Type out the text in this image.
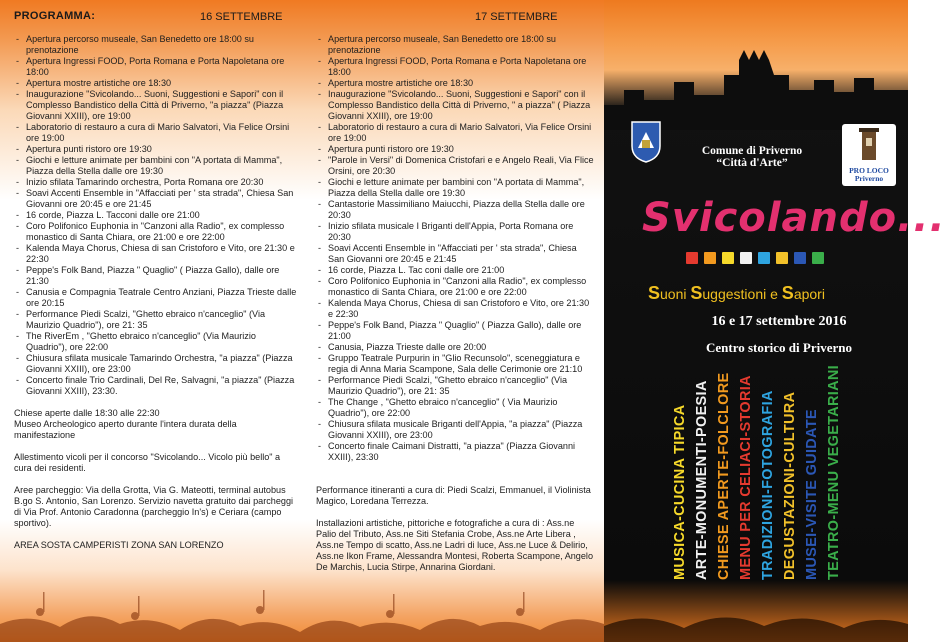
PROGRAMMA:	16 SETTEMBRE	17 SETTEMBRE
- Apertura percorso museale, San Benedetto ore 18:00 su prenotazione
- Apertura Ingressi FOOD, Porta Romana e Porta Napoletana ore 18:00
- Apertura mostre artistiche ore 18:30
- Inaugurazione "Svicolando... Suoni, Suggestioni e Sapori" con il Complesso Bandistico della Città di Priverno, "a piazza" (Piazza Giovanni XXIII), ore 19:00
- Laboratorio di restauro a cura di Mario Salvatori, Via Felice Orsini ore 19:00
- Apertura punti ristoro ore 19:30
- Giochi e letture animate per bambini con "A portata di Mamma", Piazza della Stella dalle ore 19:30
- Inizio sfilata Tamarindo orchestra, Porta Romana ore 20:30
- Soavi Accenti Ensemble in "Affacciati per ' sta strada", Chiesa San Giovanni ore 20:45 e ore 21:45
- 16 corde, Piazza L. Tacconi dalle ore 21:00
- Coro Polifonico Euphonia in "Canzoni alla Radio", ex complesso monastico di Santa Chiara, ore 21:00 e ore 22:00
- Kalenda Maya Chorus, Chiesa di san Cristoforo e Vito, ore 21:30 e 22:30
- Peppe's Folk Band, Piazza " Quaglio" ( Piazza Gallo), dalle ore 21:30
- Canusia e Compagnia Teatrale Centro Anziani, Piazza Trieste dalle ore 20:15
- Performance Piedi Scalzi, "Ghetto ebraico n'canceglio" (Via Maurizio Quadrio"), ore 21: 35
- The RiverEm , "Ghetto ebraico n'canceglio" (Via Maurizio Quadrio"), ore 22:00
- Chiusura sfilata musicale Tamarindo Orchestra, "a piazza" (Piazza Giovanni XXIII), ore 23:00
- Concerto finale Trio Cardinali, Del Re, Salvagni, "a piazza" (Piazza Giovanni XXIII), 23:30.

Chiese aperte dalle 18:30 alle 22:30

Museo Archeologico aperto durante l'intera durata della manifestazione

Allestimento vicoli per il concorso "Svicolando... Vicolo più bello" a cura dei residenti.

Aree parcheggio: Via della Grotta, Via G. Mateotti, terminal autobus B.go S. Antonio, San Lorenzo. Servizio navetta gratuito dai parcheggi di Via Prof. Antonio Caradonna (parcheggio In's) e Ceriara (campo sportivo).

AREA SOSTA CAMPERISTI ZONA SAN LORENZO

- Apertura percorso museale, San Benedetto ore 18:00 su prenotazione
- Apertura Ingressi FOOD, Porta Romana e Porta Napoletana ore 18:00
- Apertura mostre artistiche ore 18:30
- Inaugurazione "Svicolando... Suoni, Suggestioni e Sapori" con il Complesso Bandistico della Città di Priverno, " a piazza" ( Piazza Giovanni XXIII), ore 19:00
- Laboratorio di restauro a cura di Mario Salvatori, Via Felice Orsini ore 19:00
- Apertura punti ristoro ore 19:30
- "Parole in Versi" di Domenica Cristofari e e Angelo Reali, Via Flice Orsini, ore 20:30
- Giochi e letture animate per bambini con "A portata di Mamma", Piazza della Stella dalle ore 19:30
- Cantastorie Massimiliano Maiucchi, Piazza della Stella dalle ore 20:30
- Inizio sfilata musicale I Briganti dell'Appia, Porta Romana ore 20:30
- Soavi Accenti Ensemble in "Affacciati per ' sta strada", Chiesa San Giovanni ore 20:45 e 21:45
- 16 corde, Piazza L. Tac coni dalle ore 21:00
- Coro Polifonico Euphonia in "Canzoni alla Radio", ex complesso monastico di Santa Chiara, ore 21:00 e ore 22:00
- Kalenda Maya Chorus, Chiesa di san Cristoforo e Vito, ore 21:30 e 22:30
- Peppe's Folk Band, Piazza " Quaglio" ( Piazza Gallo), dalle ore 21:00
- Canusia, Piazza Trieste dalle ore 20:00
- Gruppo Teatrale Purpurin in "Glio Recunsolo", sceneggiatura e regia di Anna Maria Scampone, Sala delle Cerimonie ore 21:10
- Performance Piedi Scalzi, "Ghetto ebraico n'canceglio" (Via Maurizio Quadrio"), ore 21: 35
- The Change , "Ghetto ebraico n'canceglio" ( Via Maurizio Quadrio"), ore 22:00
- Chiusura sfilata musicale Briganti dell'Appia, "a piazza" (Piazza Giovanni XXIII), ore 23:00
- Concerto finale Caimani Distratti, "a piazza" (Piazza Giovanni XXIII), 23:30

Performance itineranti a cura di: Piedi Scalzi, Emmanuel, il Violinista Magico, Loredana Terrezza.

Installazioni artistiche, pittoriche e fotografiche a cura di : Ass.ne Palio del Tributo, Ass.ne Siti Stefania Crobe, Ass.ne Arte Libera , Ass.ne Tempo di scatto, Ass.ne Ladri di luce, Ass.ne Luce & Delirio, Ass.ne Ikon Frame, Alessandra Montesi, Roberta Scampone, Angelo De Marchis, Lucia Stirpe, Annarina Giordani.

Comune di Priverno
“Città d'Arte”
PRO LOCO
Priverno
Svicolando...
Suoni Suggestioni e Sapori
16 e 17 settembre 2016
Centro storico di Priverno
MUSICA-CUCINA TIPICA ARTE-MONUMENTI-POESIA CHIESE APERTE-FOLCLORE MENU PER CELIACI-STORIA TRADIZIONI-FOTOGRAFIA DEGUSTAZIONI-CULTURA MUSEI-VISITE GUIDATE TEATRO-MENU VEGETARIANI
